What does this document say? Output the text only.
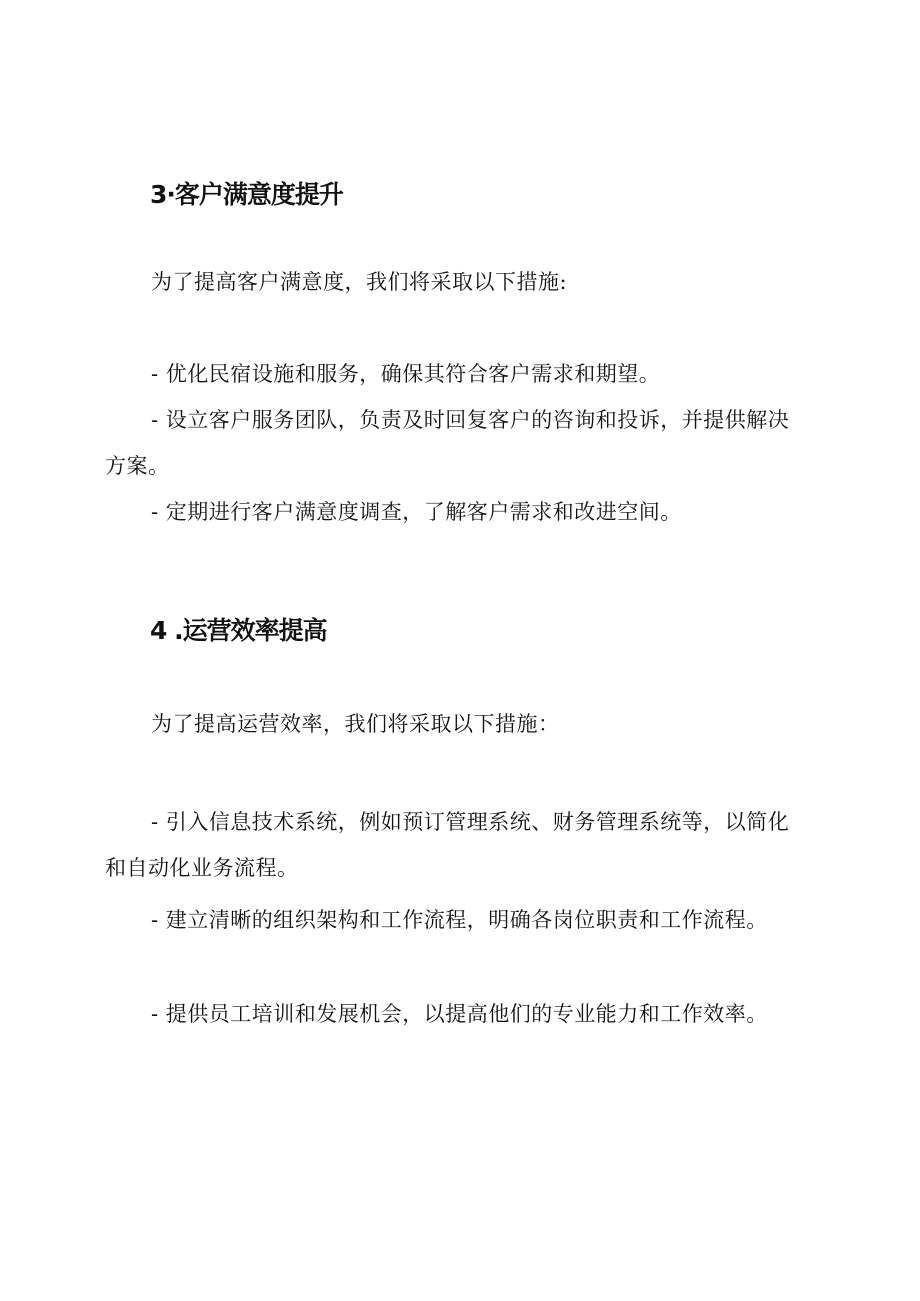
3·客户满意度提升

为了提高客户满意度，我们将采取以下措施:

- 优化民宿设施和服务，确保其符合客户需求和期望。

- 设立客户服务团队，负责及时回复客户的咨询和投诉，并提供解决方案。

- 定期进行客户满意度调查，了解客户需求和改进空间。

4 .运营效率提高

为了提高运营效率，我们将采取以下措施：

- 引入信息技术系统，例如预订管理系统、财务管理系统等，以简化和自动化业务流程。

- 建立清晰的组织架构和工作流程，明确各岗位职责和工作流程。

- 提供员工培训和发展机会，以提高他们的专业能力和工作效率。
